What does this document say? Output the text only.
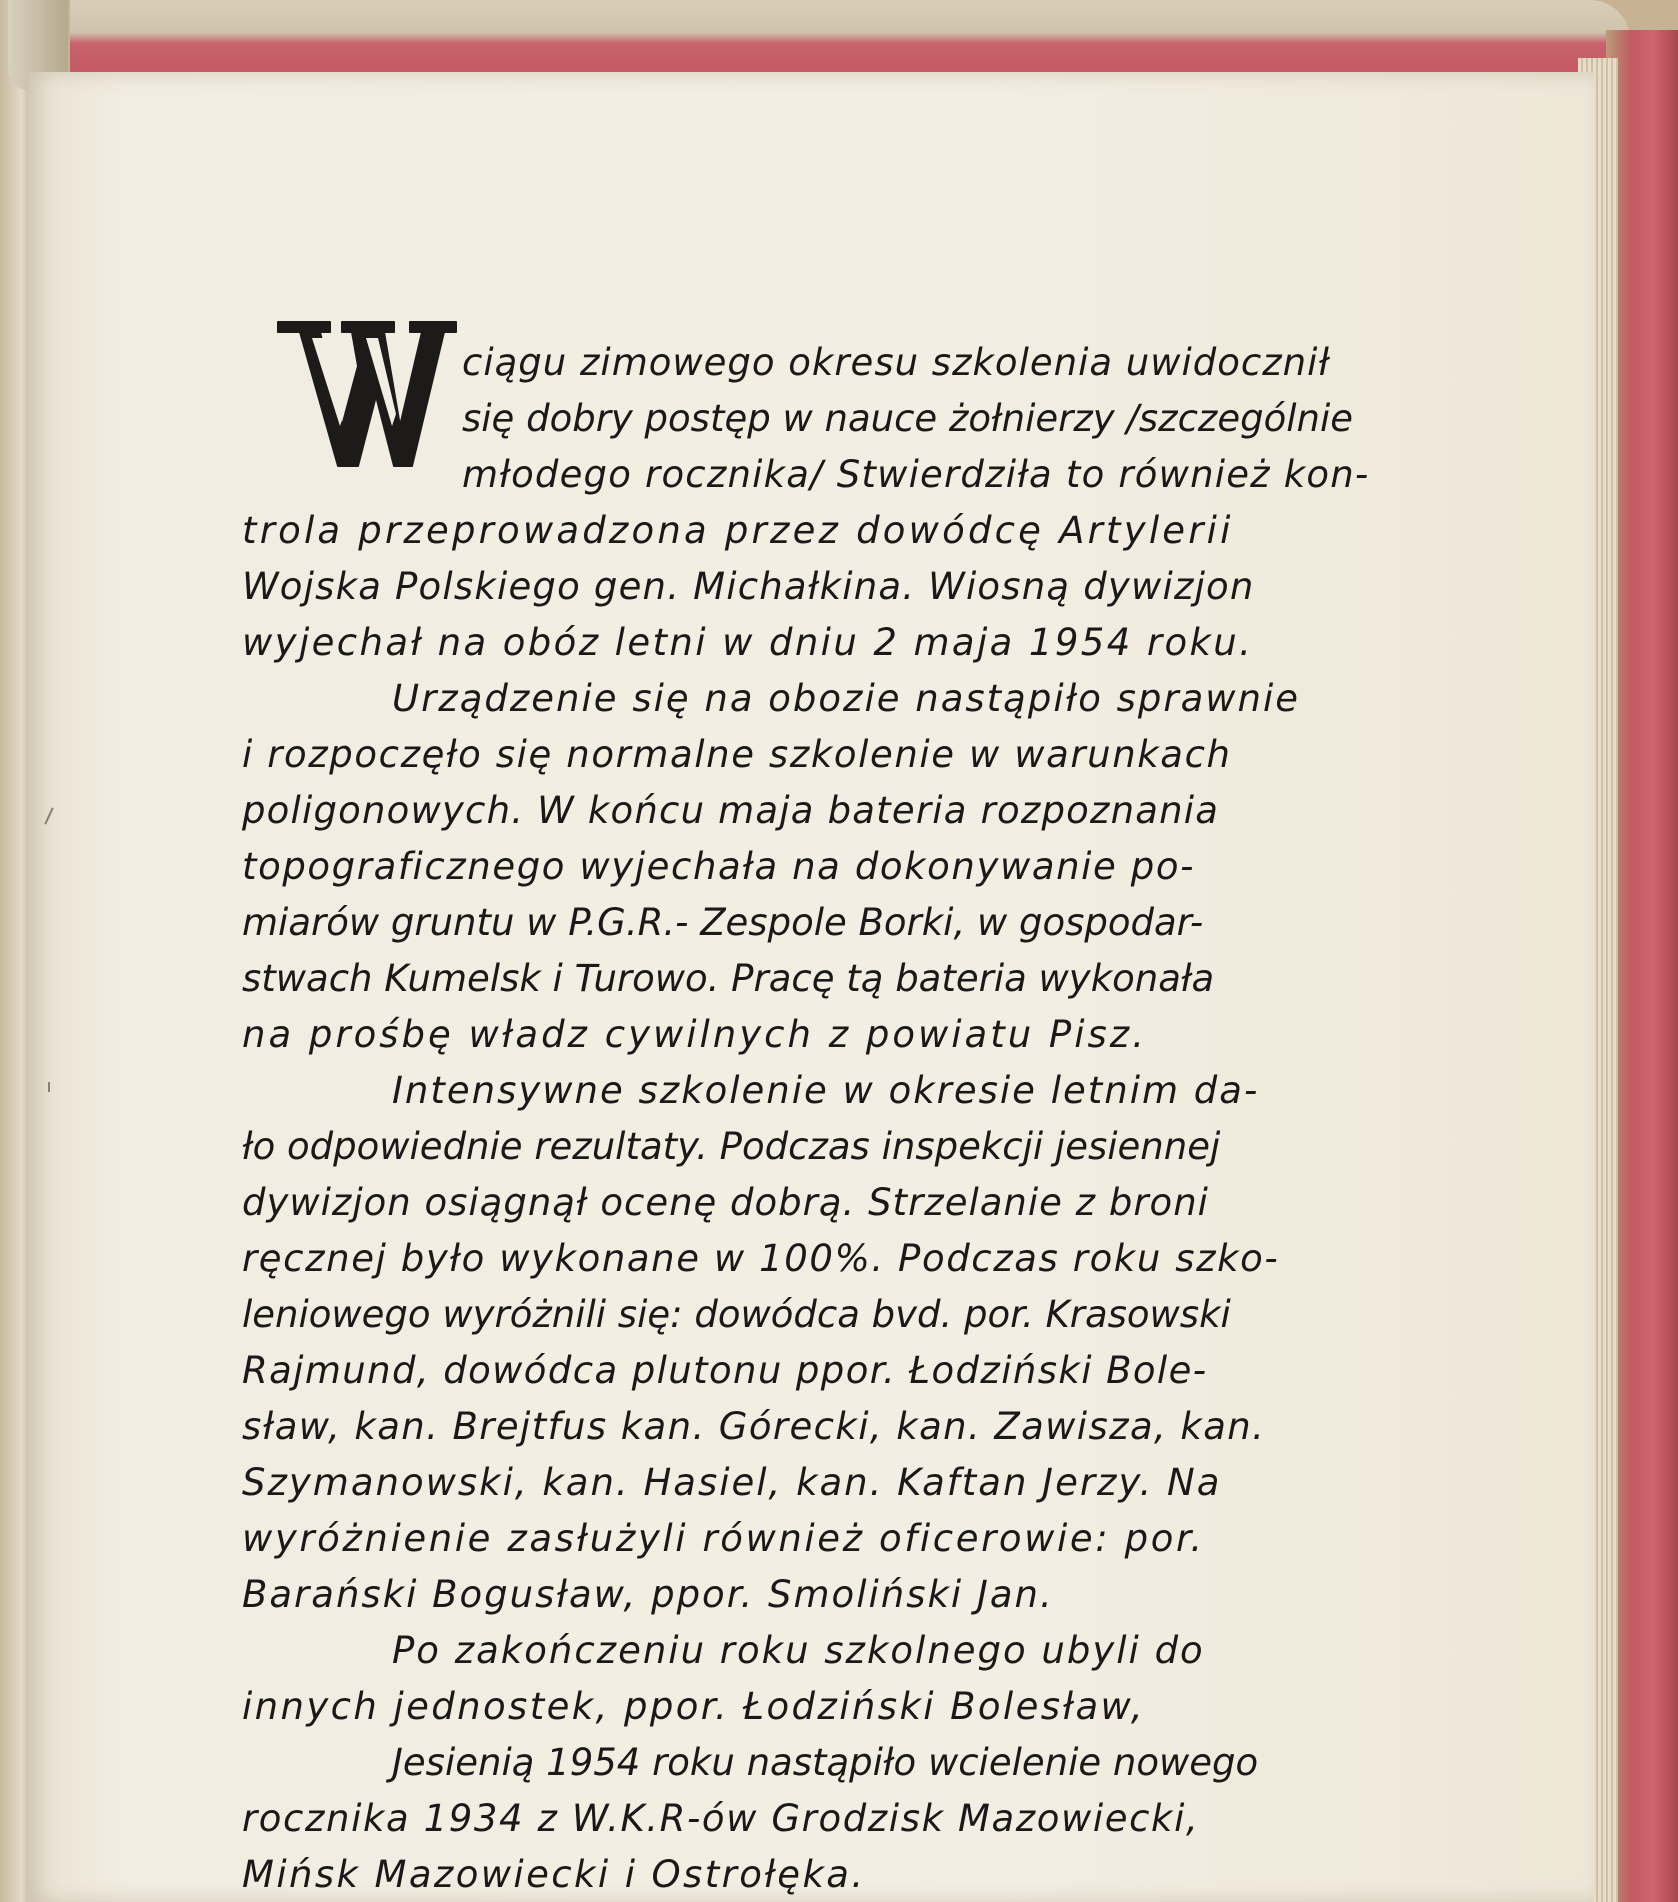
W
ciągu zimowego okresu szkolenia uwidocznił
się dobry postęp w nauce żołnierzy /szczególnie
młodego rocznika/ Stwierdziła to również kon-
trola przeprowadzona przez dowódcę Artylerii
Wojska Polskiego gen. Michałkina. Wiosną dywizjon
wyjechał na obóz letni w dniu 2 maja 1954 roku.
Urządzenie się na obozie nastąpiło sprawnie
i rozpoczęło się normalne szkolenie w warunkach
poligonowych. W końcu maja bateria rozpoznania
topograficznego wyjechała na dokonywanie po-
miarów gruntu w P.G.R.- Zespole Borki, w gospodar-
stwach Kumelsk i Turowo. Pracę tą bateria wykonała
na prośbę władz cywilnych z powiatu Pisz.
Intensywne szkolenie w okresie letnim da-
ło odpowiednie rezultaty. Podczas inspekcji jesiennej
dywizjon osiągnął ocenę dobrą. Strzelanie z broni
ręcznej było wykonane w 100%. Podczas roku szko-
leniowego wyróżnili się: dowódca bvd. por. Krasowski
Rajmund, dowódca plutonu ppor. Łodziński Bole-
sław, kan. Brejtfus kan. Górecki, kan. Zawisza, kan.
Szymanowski, kan. Hasiel, kan. Kaftan Jerzy. Na
wyróżnienie zasłużyli również oficerowie: por.
Barański Bogusław, ppor. Smoliński Jan.
Po zakończeniu roku szkolnego ubyli do
innych jednostek, ppor. Łodziński Bolesław,
Jesienią 1954 roku nastąpiło wcielenie nowego
rocznika 1934 z W.K.R-ów Grodzisk Mazowiecki,
Mińsk Mazowiecki i Ostrołęka.
